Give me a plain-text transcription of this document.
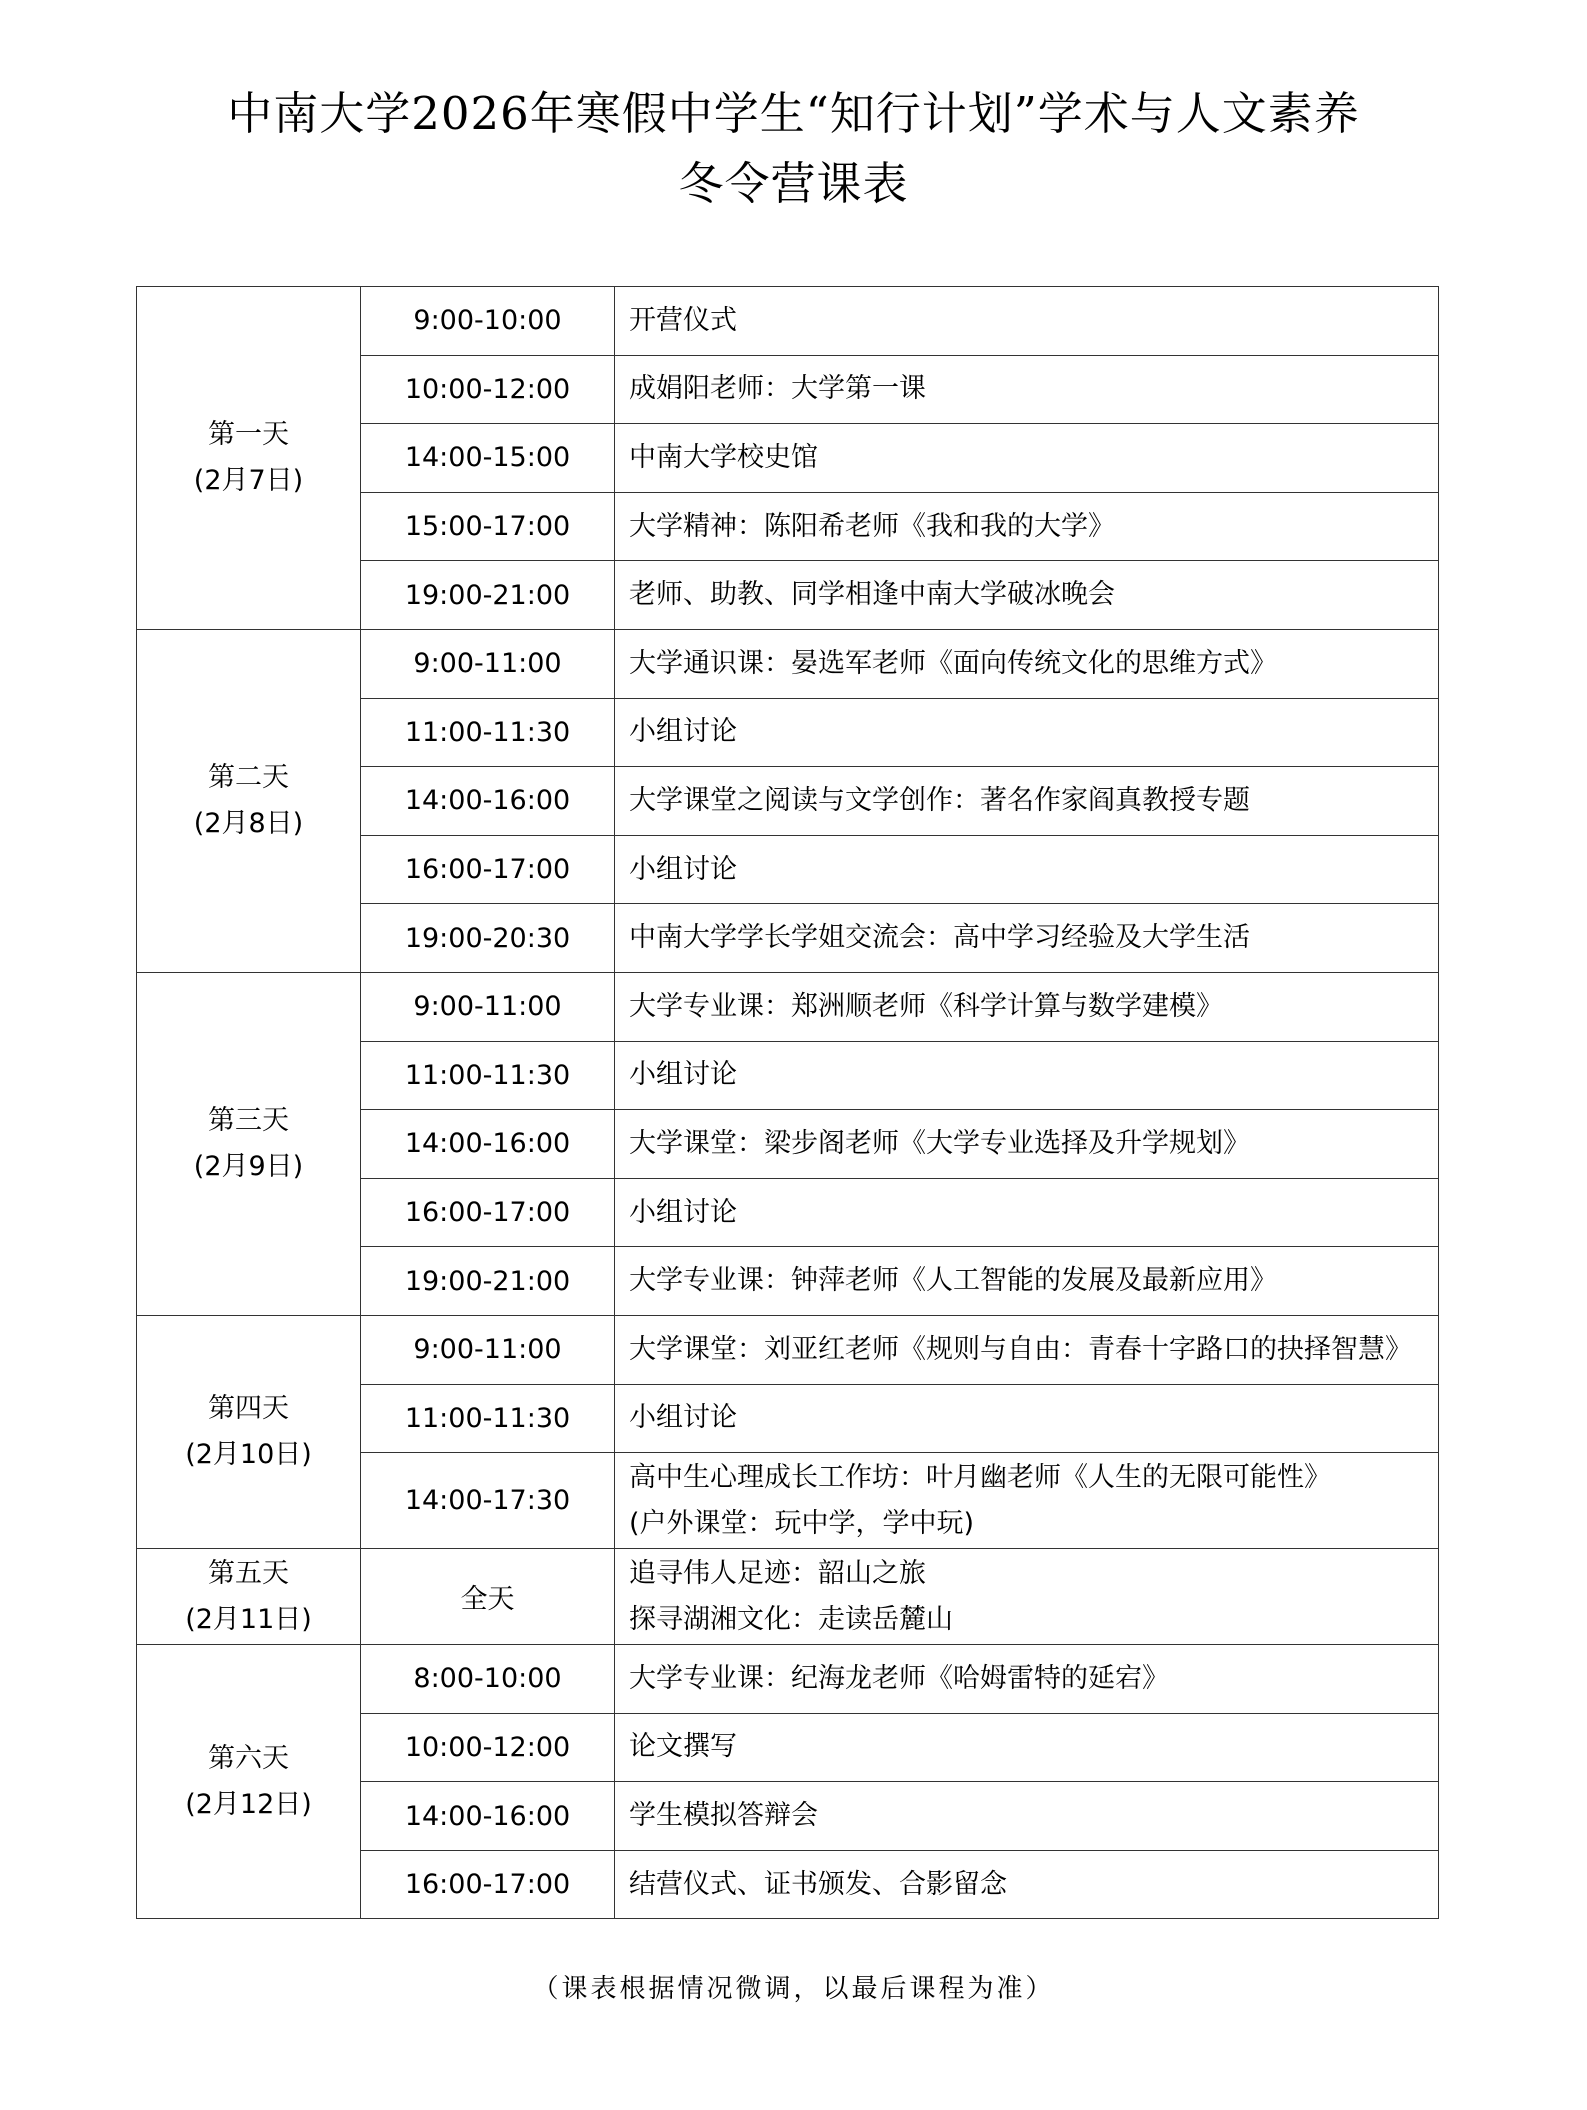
中南大学2026年寒假中学生“知行计划”学术与人文素养
冬令营课表
第一天
(2月7日)	9:00-10:00	开营仪式

	10:00-12:00	成娟阳老师：大学第一课

	14:00-15:00	中南大学校史馆

	15:00-17:00	大学精神：陈阳希老师《我和我的大学》

	19:00-21:00	老师、助教、同学相逢中南大学破冰晚会

第二天
(2月8日)	9:00-11:00	大学通识课：晏选军老师《面向传统文化的思维方式》

	11:00-11:30	小组讨论

	14:00-16:00	大学课堂之阅读与文学创作：著名作家阎真教授专题

	16:00-17:00	小组讨论

	19:00-20:30	中南大学学长学姐交流会：高中学习经验及大学生活

第三天
(2月9日)	9:00-11:00	大学专业课：郑洲顺老师《科学计算与数学建模》

	11:00-11:30	小组讨论

	14:00-16:00	大学课堂：梁步阁老师《大学专业选择及升学规划》

	16:00-17:00	小组讨论

	19:00-21:00	大学专业课：钟萍老师《人工智能的发展及最新应用》

第四天
(2月10日)	9:00-11:00	大学课堂：刘亚红老师《规则与自由：青春十字路口的抉择智慧》

	11:00-11:30	小组讨论

	14:00-17:30	高中生心理成长工作坊：叶月幽老师《人生的无限可能性》
(户外课堂：玩中学，学中玩)

第五天
(2月11日)	全天	追寻伟人足迹：韶山之旅
探寻湖湘文化：走读岳麓山

第六天
(2月12日)	8:00-10:00	大学专业课：纪海龙老师《哈姆雷特的延宕》

	10:00-12:00	论文撰写

	14:00-16:00	学生模拟答辩会

	16:00-17:00	结营仪式、证书颁发、合影留念
（课表根据情况微调，以最后课程为准）
